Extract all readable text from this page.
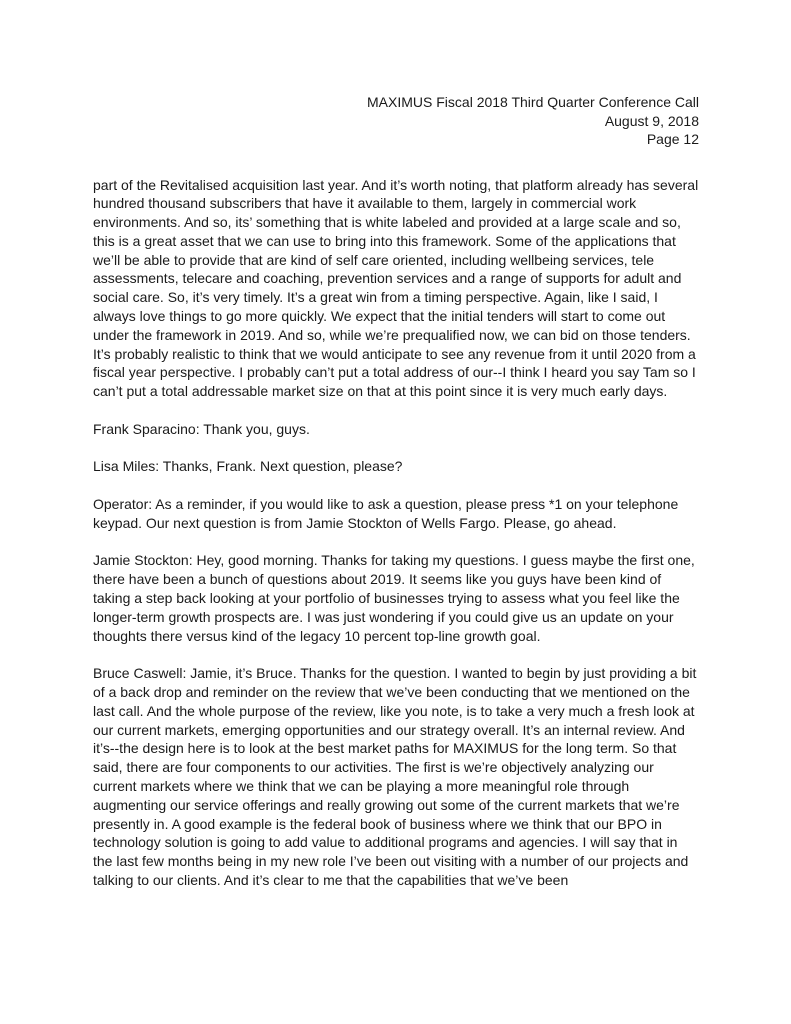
MAXIMUS Fiscal 2018 Third Quarter Conference Call
August 9, 2018
Page 12

part of the Revitalised acquisition last year. And it’s worth noting, that platform already has several hundred thousand subscribers that have it available to them, largely in commercial work environments. And so, its’ something that is white labeled and provided at a large scale and so, this is a great asset that we can use to bring into this framework. Some of the applications that we’ll be able to provide that are kind of self care oriented, including wellbeing services, tele assessments, telecare and coaching, prevention services and a range of supports for adult and social care. So, it’s very timely. It’s a great win from a timing perspective. Again, like I said, I always love things to go more quickly. We expect that the initial tenders will start to come out under the framework in 2019. And so, while we’re prequalified now, we can bid on those tenders. It’s probably realistic to think that we would anticipate to see any revenue from it until 2020 from a fiscal year perspective. I probably can’t put a total address of our--I think I heard you say Tam so I can’t put a total addressable market size on that at this point since it is very much early days.

Frank Sparacino: Thank you, guys.

Lisa Miles: Thanks, Frank. Next question, please?

Operator: As a reminder, if you would like to ask a question, please press *1 on your telephone keypad. Our next question is from Jamie Stockton of Wells Fargo. Please, go ahead.

Jamie Stockton: Hey, good morning. Thanks for taking my questions. I guess maybe the first one, there have been a bunch of questions about 2019. It seems like you guys have been kind of taking a step back looking at your portfolio of businesses trying to assess what you feel like the longer-term growth prospects are. I was just wondering if you could give us an update on your thoughts there versus kind of the legacy 10 percent top-line growth goal.

Bruce Caswell: Jamie, it’s Bruce. Thanks for the question. I wanted to begin by just providing a bit of a back drop and reminder on the review that we’ve been conducting that we mentioned on the last call. And the whole purpose of the review, like you note, is to take a very much a fresh look at our current markets, emerging opportunities and our strategy overall. It’s an internal review. And it’s--the design here is to look at the best market paths for MAXIMUS for the long term. So that said, there are four components to our activities. The first is we’re objectively analyzing our current markets where we think that we can be playing a more meaningful role through augmenting our service offerings and really growing out some of the current markets that we’re presently in. A good example is the federal book of business where we think that our BPO in technology solution is going to add value to additional programs and agencies. I will say that in the last few months being in my new role I’ve been out visiting with a number of our projects and talking to our clients. And it’s clear to me that the capabilities that we’ve been
